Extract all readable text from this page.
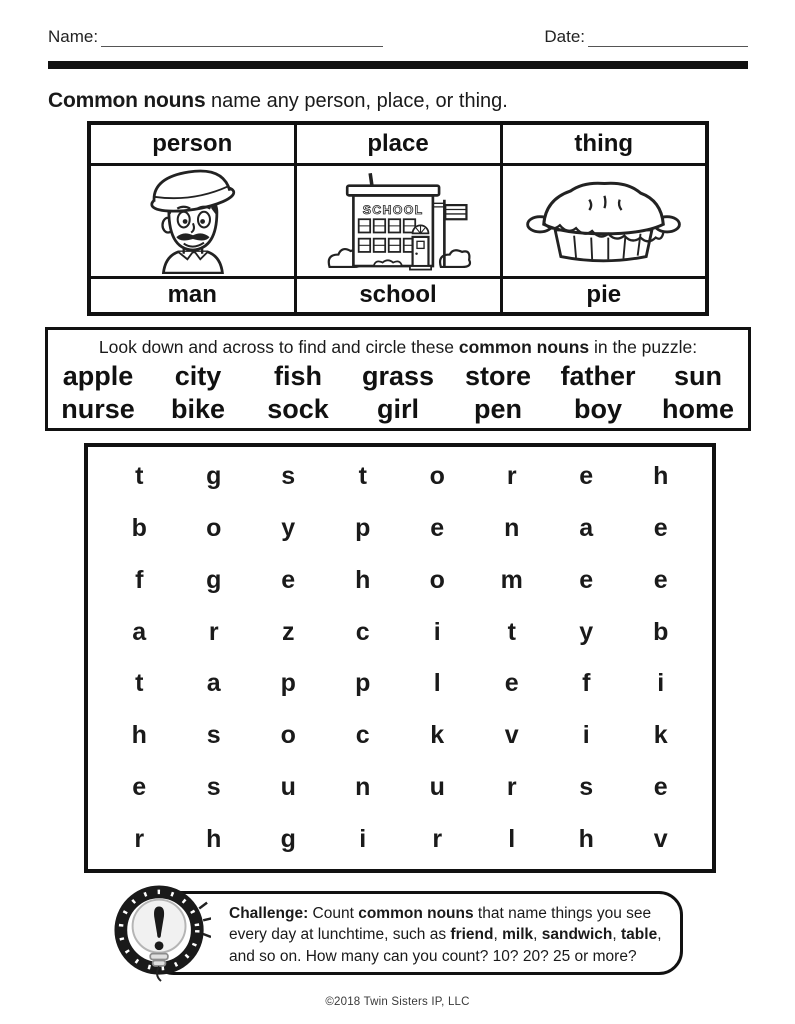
Name:	Date:
Common nouns name any person, place, or thing.
person	place	thing

SCHOOL

man	school	pie
Look down and across to find and circle these common nouns in the puzzle:
apple	city	fish	grass	store	father	sun
nurse	bike	sock	girl	pen	boy	home
t	g	s	t	o	r	e	h
b	o	y	p	e	n	a	e
f	g	e	h	o	m	e	e
a	r	z	c	i	t	y	b
t	a	p	p	l	e	f	i
h	s	o	c	k	v	i	k
e	s	u	n	u	r	s	e
r	h	g	i	r	l	h	v
Challenge: Count common nouns that name things you see every day at lunchtime, such as friend, milk, sandwich, table, and so on. How many can you count? 10? 20? 25 or more?
©2018 Twin Sisters IP, LLC
